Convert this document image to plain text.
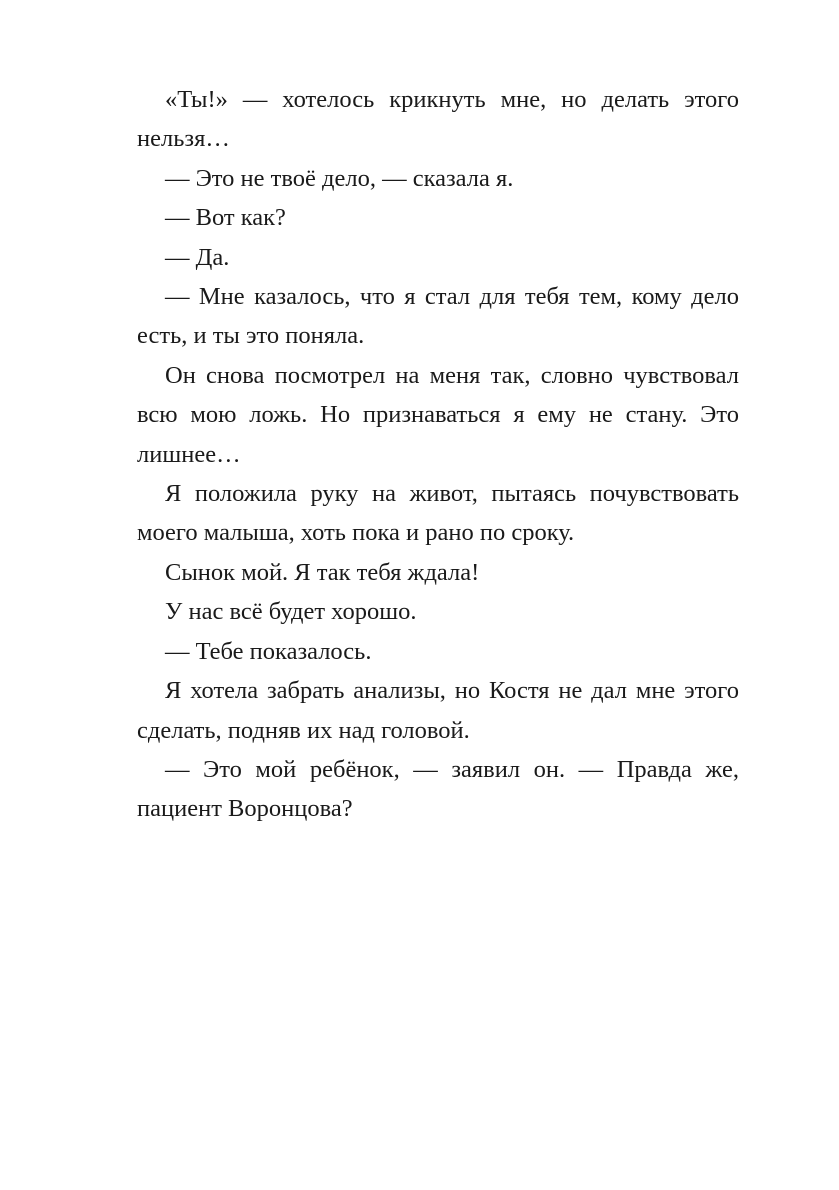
«Ты!» — хотелось крикнуть мне, но делать этого нельзя…

— Это не твоё дело, — сказала я.

— Вот как?

— Да.

— Мне казалось, что я стал для тебя тем, кому дело есть, и ты это поняла.

Он снова посмотрел на меня так, словно чувствовал всю мою ложь. Но признаваться я ему не стану. Это лишнее…

Я положила руку на живот, пытаясь почувствовать моего малыша, хоть пока и рано по сроку.

Сынок мой. Я так тебя ждала!

У нас всё будет хорошо.

— Тебе показалось.

Я хотела забрать анализы, но Костя не дал мне этого сделать, подняв их над головой.

— Это мой ребёнок, — заявил он. — Правда же, пациент Воронцова?
